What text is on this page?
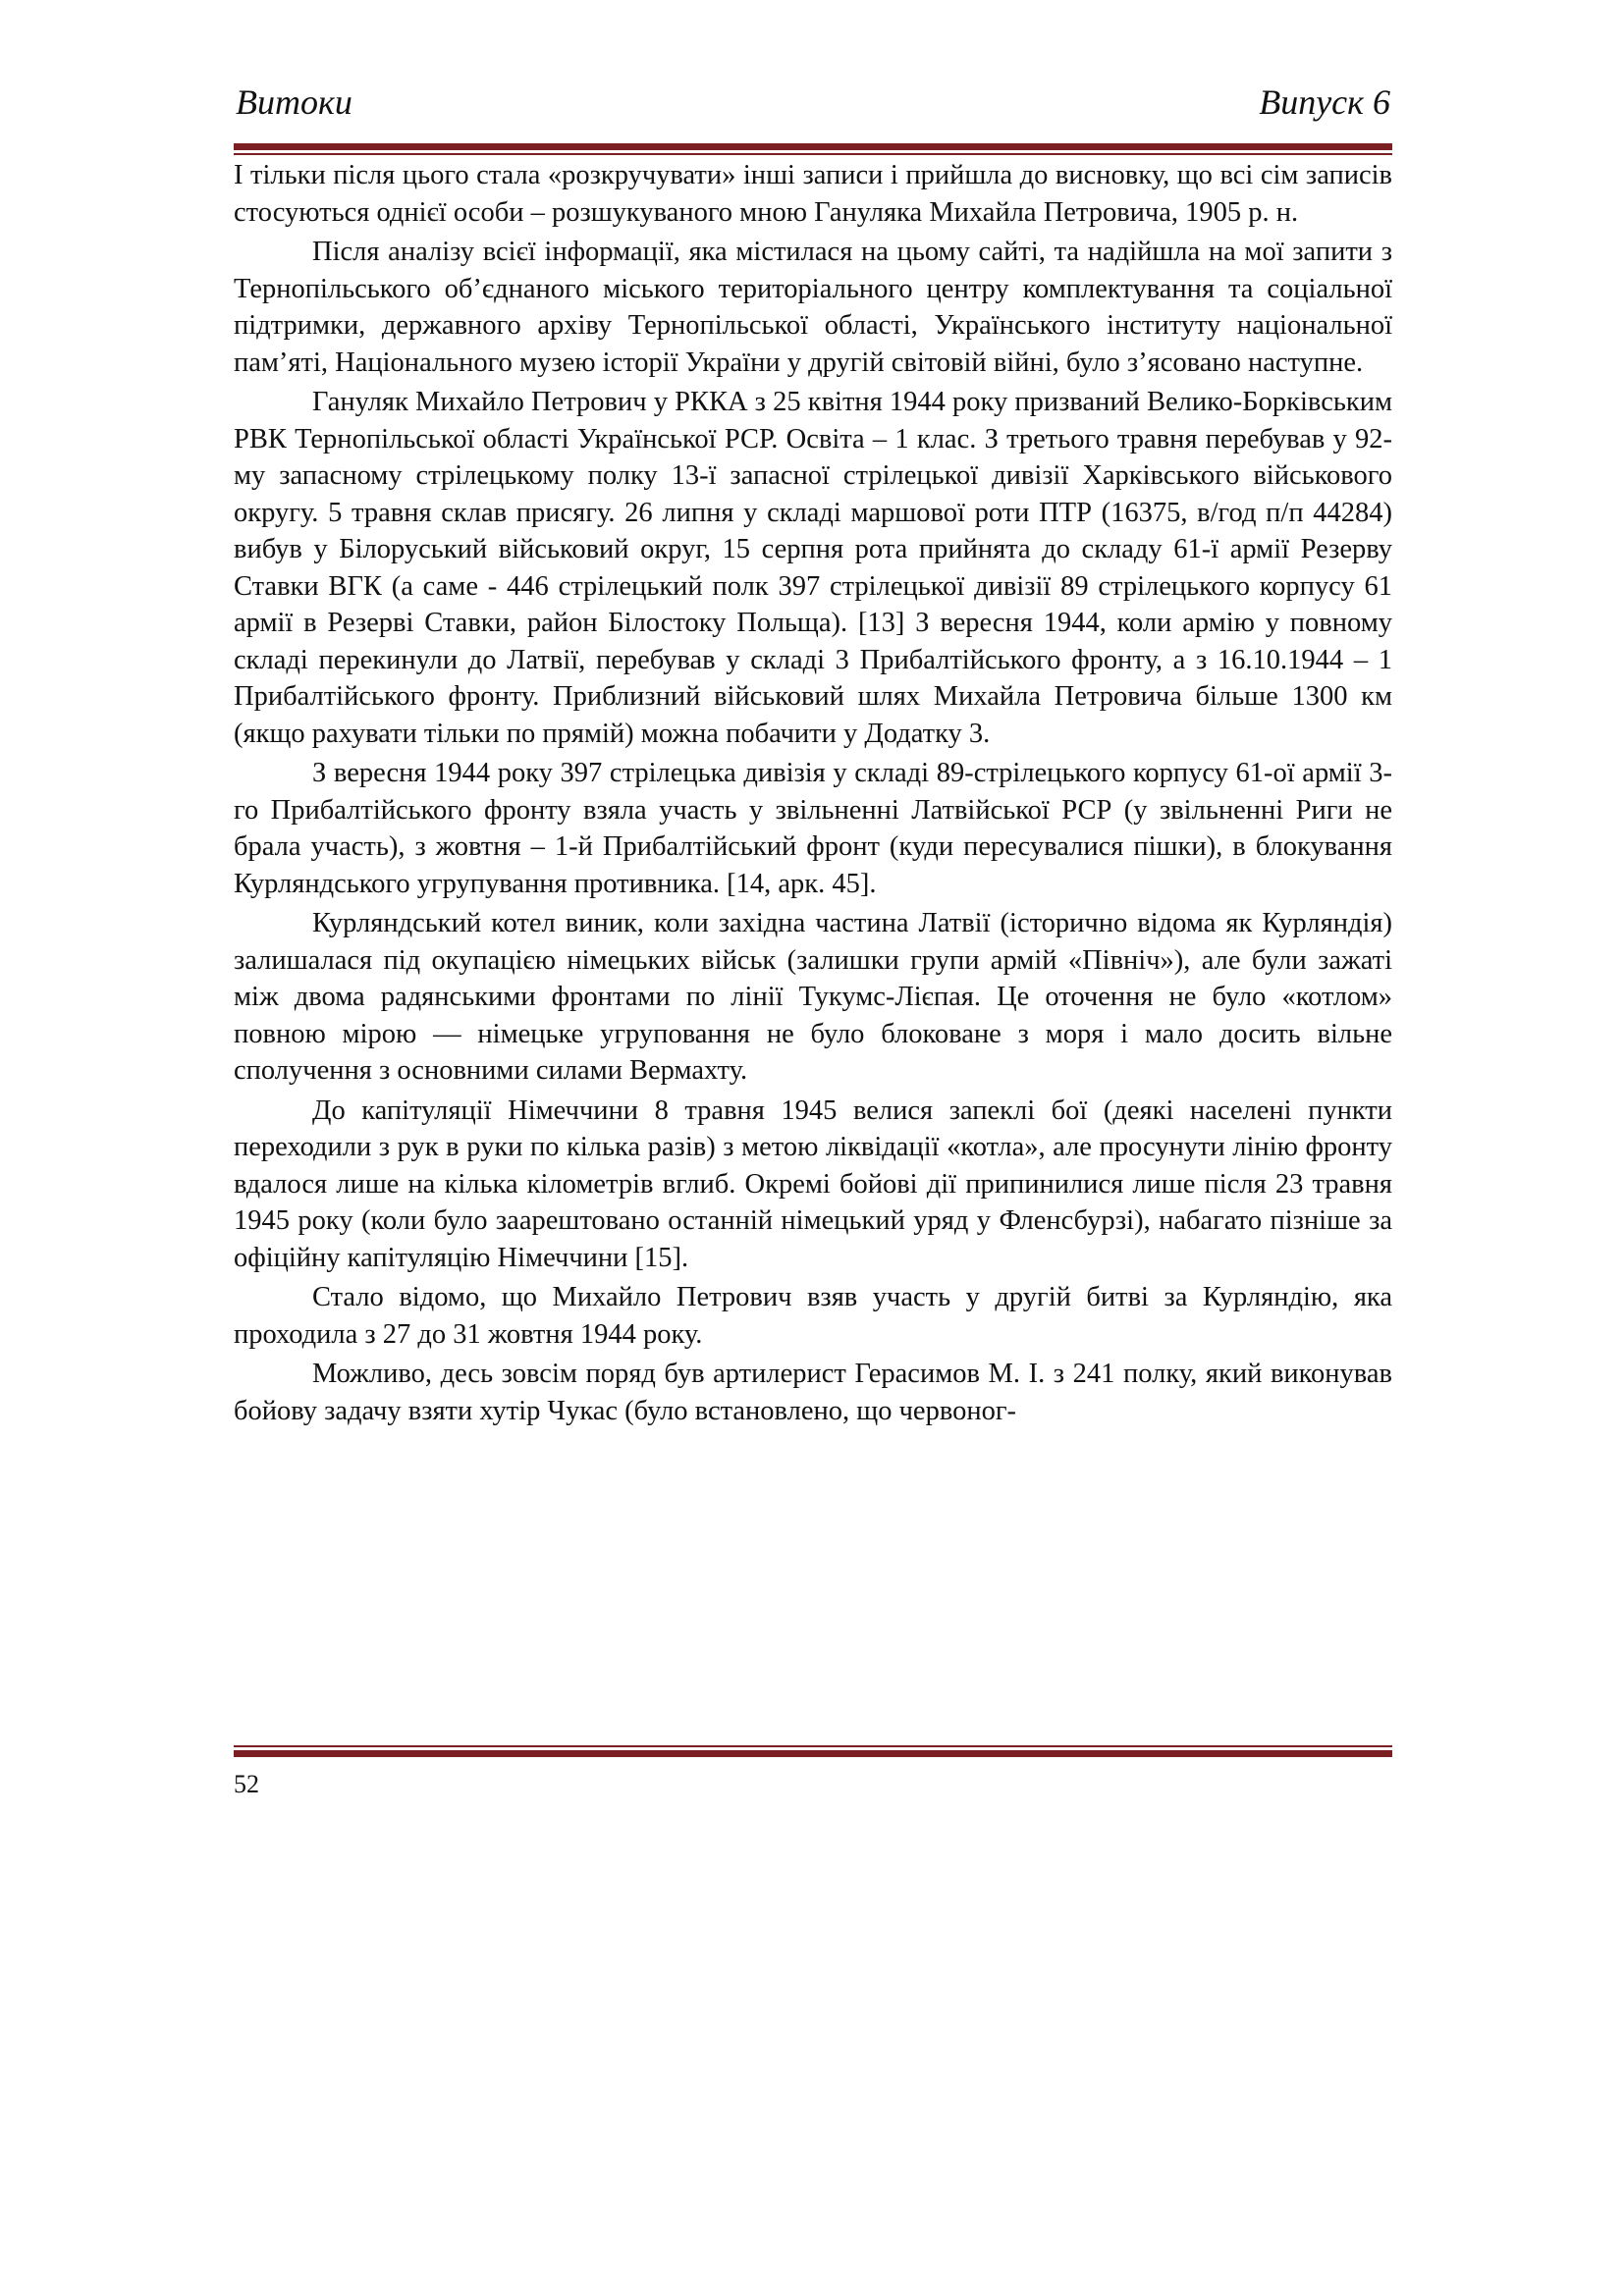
Витоки	Випуск 6

І тільки після цього стала «розкручувати» інші записи і прийшла до висновку, що всі сім записів стосуються однієї особи – розшукуваного мною Гануляка Михайла Петровича, 1905 р. н.

Після аналізу всієї інформації, яка містилася на цьому сайті, та надійшла на мої запити з Тернопільського об’єднаного міського територіального центру комплектування та соціальної підтримки, державного архіву Тернопільської області, Українського інституту національної пам’яті, Національного музею історії України у другій світовій війні, було з’ясовано наступне.

Гануляк Михайло Петрович у РККА з 25 квітня 1944 року призваний Велико-Борківським РВК Тернопільської області Української РСР. Освіта – 1 клас. З третього травня перебував у 92-му запасному стрілецькому полку 13-ї запасної стрілецької дивізії Харківського військового округу. 5 травня склав присягу. 26 липня у складі маршової роти ПТР (16375, в/год п/п 44284) вибув у Білоруський військовий округ, 15 серпня рота прийнята до складу 61-ї армії Резерву Ставки ВГК (а саме - 446 стрілецький полк 397 стрілецької дивізії 89 стрілецького корпусу 61 армії в Резерві Ставки, район Білостоку Польща). [13] З вересня 1944, коли армію у повному складі перекинули до Латвії, перебував у складі 3 Прибалтійського фронту, а з 16.10.1944 – 1 Прибалтійського фронту. Приблизний військовий шлях Михайла Петровича більше 1300 км (якщо рахувати тільки по прямій) можна побачити у Додатку 3.

З вересня 1944 року 397 стрілецька дивізія у складі 89-стрілецького корпусу 61-ої армії 3-го Прибалтійського фронту взяла участь у звільненні Латвійської РСР (у звільненні Риги не брала участь), з жовтня – 1-й Прибалтійський фронт (куди пересувалися пішки), в блокування Курляндського угрупування противника. [14, арк. 45].

Курляндський котел виник, коли західна частина Латвії (історично відома як Курляндія) залишалася під окупацією німецьких військ (залишки групи армій «Північ»), але були зажаті між двома радянськими фронтами по лінії Тукумс-Лієпая. Це оточення не було «котлом» повною мірою — німецьке угруповання не було блоковане з моря і мало досить вільне сполучення з основними силами Вермахту.

До капітуляції Німеччини 8 травня 1945 велися запеклі бої (деякі населені пункти переходили з рук в руки по кілька разів) з метою ліквідації «котла», але просунути лінію фронту вдалося лише на кілька кілометрів вглиб. Окремі бойові дії припинилися лише після 23 травня 1945 року (коли було заарештовано останній німецький уряд у Фленсбурзі), набагато пізніше за офіційну капітуляцію Німеччини [15].

Стало відомо, що Михайло Петрович взяв участь у другій битві за Курляндію, яка проходила з 27 до 31 жовтня 1944 року.

Можливо, десь зовсім поряд був артилерист Герасимов М. І. з 241 полку, який виконував бойову задачу взяти хутір Чукас (було встановлено, що червоног-

52
